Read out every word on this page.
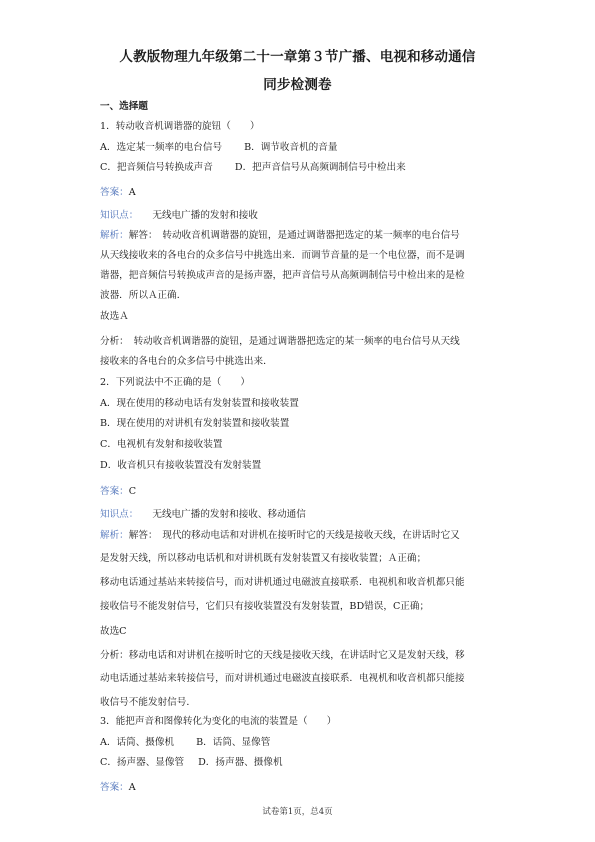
人教版物理九年级第二十一章第３节广播、电视和移动通信
同步检测卷
一、选择题
1．转动收音机调谐器的旋钮（　　）
A．选定某一频率的电台信号 B．调节收音机的音量
C．把音频信号转换成声音 D．把声音信号从高频调制信号中检出来
答案：A
知识点： 无线电广播的发射和接收
解析：解答：　转动收音机调谐器的旋钮，是通过调谐器把选定的某一频率的电台信号
从天线接收来的各电台的众多信号中挑选出来．而调节音量的是一个电位器，而不是调
谐器，把音频信号转换成声音的是扬声器，把声音信号从高频调制信号中检出来的是检
波器．所以Ａ正确．
故选Ａ
分析：　转动收音机调谐器的旋钮，是通过调谐器把选定的某一频率的电台信号从天线
接收来的各电台的众多信号中挑选出来．
2．下列说法中不正确的是（　　）
A．现在使用的移动电话有发射装置和接收装置
B．现在使用的对讲机有发射装置和接收装置
C．电视机有发射和接收装置
D．收音机只有接收装置没有发射装置
答案：C
知识点： 无线电广播的发射和接收、移动通信
解析：解答：　现代的移动电话和对讲机在接听时它的天线是接收天线，在讲话时它又
是发射天线，所以移动电话机和对讲机既有发射装置又有接收装置；Ａ正确；
移动电话通过基站来转接信号，而对讲机通过电磁波直接联系．电视机和收音机都只能
接收信号不能发射信号，它们只有接收装置没有发射装置，BD错误，C正确；
故选C
分析：移动电话和对讲机在接听时它的天线是接收天线，在讲话时它又是发射天线，移
动电话通过基站来转接信号，而对讲机通过电磁波直接联系．电视机和收音机都只能接
收信号不能发射信号．
3．能把声音和图像转化为变化的电流的装置是（　　）
A．话筒、摄像机 B．话筒、显像管
C．扬声器、显像管 D．扬声器、摄像机
答案：A
试卷第1页，总4页
